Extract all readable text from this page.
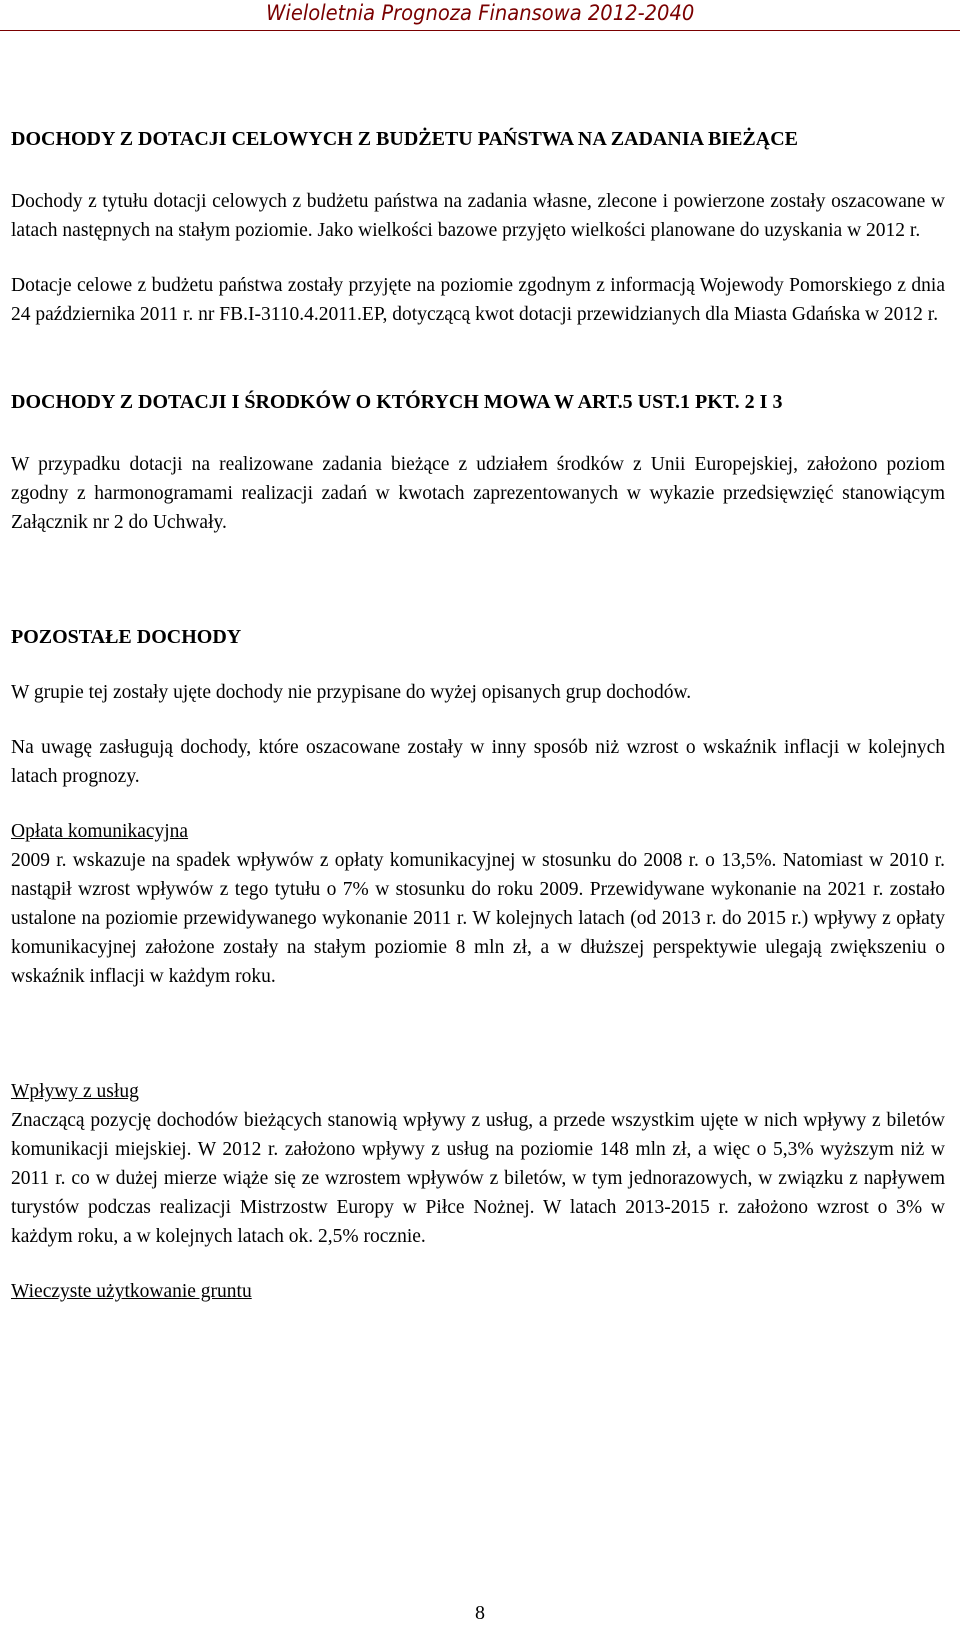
Wieloletnia Prognoza Finansowa 2012-2040

DOCHODY Z DOTACJI CELOWYCH Z BUDŻETU PAŃSTWA NA ZADANIA BIEŻĄCE

Dochody z tytułu dotacji celowych z budżetu państwa na zadania własne, zlecone i powierzone zostały oszacowane w latach następnych na stałym poziomie. Jako wielkości bazowe przyjęto wielkości planowane do uzyskania w 2012 r.

Dotacje celowe z budżetu państwa zostały przyjęte na poziomie zgodnym z informacją Wojewody Pomorskiego z dnia 24 października 2011 r. nr FB.I-3110.4.2011.EP, dotyczącą kwot dotacji przewidzianych dla Miasta Gdańska w 2012 r.

DOCHODY Z DOTACJI I ŚRODKÓW O KTÓRYCH MOWA W ART.5 UST.1 PKT. 2 I 3

W przypadku dotacji na realizowane zadania bieżące z udziałem środków z Unii Europejskiej, założono poziom zgodny z harmonogramami realizacji zadań w kwotach zaprezentowanych w wykazie przedsięwzięć stanowiącym Załącznik nr 2 do Uchwały.

POZOSTAŁE DOCHODY

W grupie tej zostały ujęte dochody nie przypisane do wyżej opisanych grup dochodów.

Na uwagę zasługują dochody, które oszacowane zostały w inny sposób niż wzrost o wskaźnik inflacji w kolejnych latach prognozy.

Opłata komunikacyjna

2009 r. wskazuje na spadek wpływów z opłaty komunikacyjnej w stosunku do 2008 r. o 13,5%. Natomiast w 2010 r. nastąpił wzrost wpływów z tego tytułu o 7% w stosunku do roku 2009. Przewidywane wykonanie na 2021 r. zostało ustalone na poziomie przewidywanego wykonanie 2011 r. W kolejnych latach (od 2013 r. do 2015 r.) wpływy z opłaty komunikacyjnej założone zostały na stałym poziomie 8 mln zł, a w dłuższej perspektywie ulegają zwiększeniu o wskaźnik inflacji w każdym roku.

Wpływy z usług

Znaczącą pozycję dochodów bieżących stanowią wpływy z usług, a przede wszystkim ujęte w nich wpływy z biletów komunikacji miejskiej. W 2012 r. założono wpływy z usług na poziomie 148 mln zł, a więc o 5,3% wyższym niż w 2011 r. co w dużej mierze wiąże się ze wzrostem wpływów z biletów, w tym jednorazowych, w związku z napływem turystów podczas realizacji Mistrzostw Europy w Piłce Nożnej. W latach 2013-2015 r. założono wzrost o 3% w każdym roku, a w kolejnych latach ok. 2,5% rocznie.

Wieczyste użytkowanie gruntu

8
